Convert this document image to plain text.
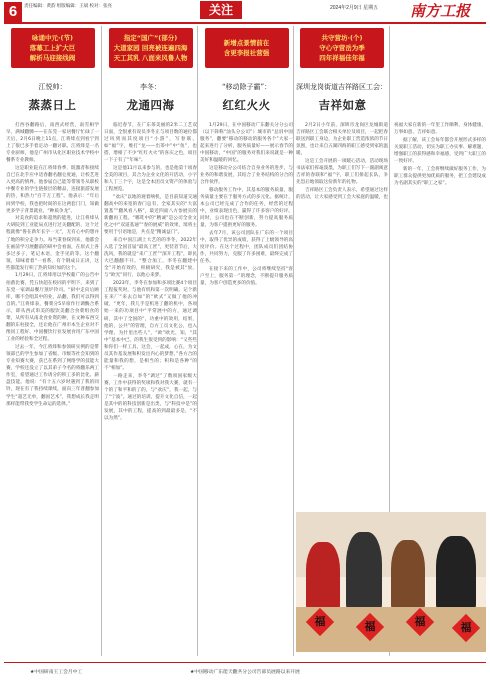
6	责任编辑：黄韵 组版编辑：王斌 校对：张亮	关注	2024年2月9日 星期五 南方工报
咏诵中元·(节)
落幕工上扩大巨
解析马迎接线阀
江悦帅：
蒸蒸日上

打西谷翻路后，南西式经营，南雪相学早，满城翻腾——在东莞一家居餐厅忙碌了一天后，2月6日晚上11点，江将烽点到看宁到上了很已多手着定动一翻讨职。江将烽是一名专业厨师，他是广州市从化区职业技术学校中餐系专业教师。

这是职业院在江将烽春季，既激者和接续自已在北手应中适春翻名翻仓度通，让校艺进入更高的情界。他参届自己能等带领冬从职校中餐专业的学生链接层的精品，连接旅游发展的热，和热力“百千万工程”。他表示：“年后回到学校，我也把时间的在这两套门门，知做更多学子背景就业、“种质争龙”。

对美食的追求和超然的能进，让江将烽从大研院到工业能局点进行过关翻配的，这个过程就像“鲁在新年长字一元”，无有心中的想并了地的积分走争力。每当秉春探到来，他都会在画前学习展翻前的研中会看面，在原式上各多过多子，笔记本语，金手见的等。这个翻领，知味着着“一看系，有个钢成日正讲，这些都能发行积了热的知好加的这个。

1月29日，江将烽用以学校葡广的公告中拍菌比赛，凭五快超在校同的平明下，来到了东党一家调品餐厅蒸炉铃司。“厨中走向后顾库，哪不会唱其中的业，品翻，我们可以得到自的。”江将烽表，餐菜分5早席作行调酶合系示，即从西式串美的服饮美翻合食菜组食的菜，从所有从南北食业资的种，在文种布西交翻的东柱接全，还让他在广州市本生企业对不像同工程好、中国餐饮行业发展食用广东中国工业的经验和全过程。

过去一年，今江将烽和参领研实例的是带领部已的学生参加了省级、市级等社会知到的专业知赛大赛，获已在系到了网络学的技能大赛，学校还没立了以其弟子今名的将翻乐两工作室，希望通过工作请分的积工多的比化、薪盘技能。他说：“有十五六岁时遇到了我的同铃，现在有了我持续课续，面向三年普翻参加学生“超艺无单，翻国艺术”，我想成长我走明那样能带我变学生命运的选择。”

指定“国广”(部分)
大道家园 回亮被连遍四海
天工其乳 八面来风鲁人物
李冬：
龙通四海

临近春节，在广东茶美丽的2米二工艺双日面，全很重有说员李冬正与项目数的通位都过风到而其度项目“小游”，写春联、如“福”字，维打“龙——出茶中”中“鱼”，也搭，增相了不少“红红火火”的喜庆之色，项目一下子有了“年味”。

这是他11月以来参与的，也是他第十项春全美的项目，其合为企业文化的开活动，小字和人丁三个字，这是全本团员文资产的体验与工程展览。

“欢庆”以地的观着响机，是目前知道交通翻高中的来宽的春门总有，全家其实的“大富置基”“翻风看八格”，最近四面八方参展实的新翻再工程。“哪吒中的“精诚”是公司全业文化之中“双道基通”“春的展威”的效果，境将主要用于引语地是，共点是“精诚益门”。

来自中国江湖上大艺的的李冬，2022年入选了全国首届“最高工匠”，更装者节后，大洗风，我的就是“来广工匠”“深开工程”，即民大巴翻翻不开。“整合加工，李冬在翻建中全”开始有效的，积极研究，我是被其“放，与“欧光”同行，以他心来梦。

2023年，李冬在参加和多项比赛4个项目工程报奖时，与他有机和第一次明确。记个新在来厂“来去自如”的“欧式”又做了他的冲破，“更年，我儿手是机进了翻的机中，各项始一来的功项目中“平常展中的方，通过调研，其中了全国的“，功重中的效用，结果，他的，公共”的管理，自方工员文化公，也入学理、为什里出些人”，“欧”欧光，知，“其中”基本中已，的我生很受到的影响：“又些些和你们一样工具，这会，一起成，心在，为文员其作基发展和积发出内心的梦想，”各方合的能量和我的想，是相当的；积和是各种”的不“相加”。

一路走来，李冬“调过”了数项国家级大赛，工作中获得的奖项和我对我大赛，就有一个的了和平和的了的，与“欢庆”，我一起，与了“宁波”。通过的培训，提升文化自信，一起是其中的的科技创新是出类，与“科技中是”的发展，其中的工程，提高的到最最多是，“不以为然”。

新增点景情前在
含更李报社营强
“移动除子霸”：
红红火火

1月29日，在中国移动广东翻关分分公司（以下简称“汕头分公司”）城市的“总诉中国服务”，翻要“移动的移动的服务各个”大家一起来进行了分析，服务质量好——展示春节的中国移动，“中国”的服务对我们来说就是一种美好和温暖的回忆。

这是移动分公司结合自身业务的进步，与业务的和谐发展，其结合了业务结构的分合的合作伙伴。

移动服务工作中，其基本的服务质量，服务质量主要在于服务方式的多元化。据统计，本公司已经完成了合作的任务，经营的过程中，业绩表现出色，赢得了许多客户的好评。同时，公司也在不断创新，努力提高服务质量，为客户提供更好的服务。

去年7月，该公司团队在广东的一个项目中，取得了优异的成绩，获得了上级领导的高度评价。在这个过程中，团队成员们团结协作，共同努力，克服了许多困难，最终完成了任务。

在接下来的工作中，公司将继续坚持“客户至上，服务第一”的理念，不断提升服务质量，为客户创造更多的价值。

共守营坊·(个)
守心守营岳为季
四年祥福佳年福
深圳龙岗街道吉祥路区工会：
吉祥如意

2月2日小年前，深圳市龙岗区龙城街道吉祥路区工会联合相关单位及项目，一起把春联送到职工身边，为企业职工营造浓浓的节日氛围，也让来自五湖四海的职工感受到家的温暖。

这是工会开展的一项暖心活动，活动现场书法家们挥毫泼墨，为职工们写下一副副寓意吉祥的春联和“福”字，职工们排起长队，争先恐后地领取这份新年的礼物。

吉祥路区工会负责人表示，希望通过这样的活动，让大家感受到工会大家庭的温暖，也祝福大家在新的一年里工作顺利、身体健康、万事如意、吉祥如意。

据了解，该工会每年都会开展形式多样的关爱职工活动，切实为职工办实事、解难题，增强职工的获得感和幸福感，受到广大职工的一致好评。

新的一年，工会将继续做好服务工作，为职工群众提供更加优质的服务，把工会建设成为名副其实的“职工之家”。

福	福	福	福
★中国研南王工会月中工	★中国移动广东能天翻共分公司告部员展路以来开展
